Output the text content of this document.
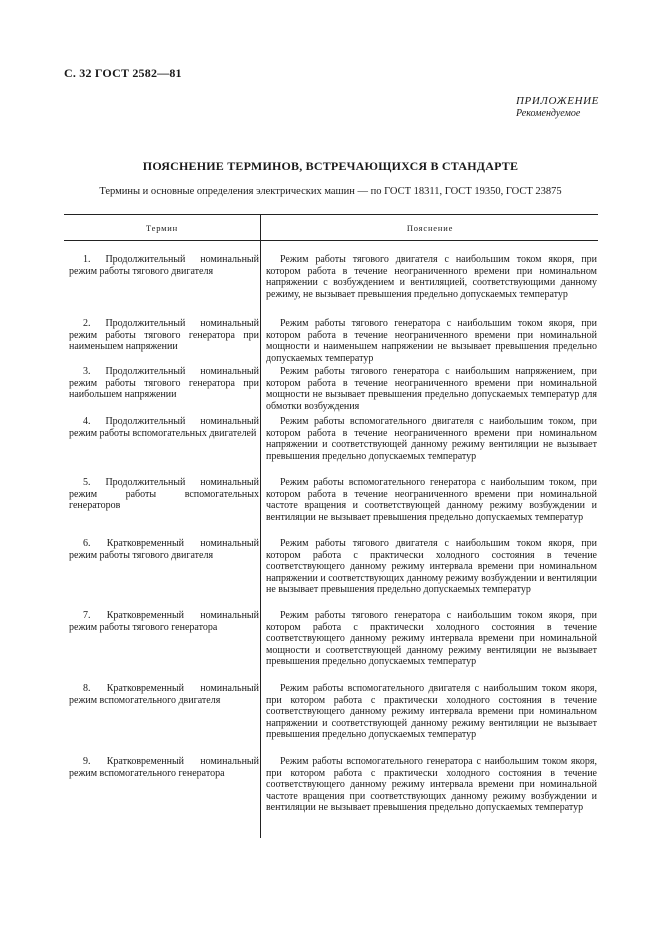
С. 32 ГОСТ 2582—81
ПРИЛОЖЕНИЕ
Рекомендуемое
ПОЯСНЕНИЕ ТЕРМИНОВ, ВСТРЕЧАЮЩИХСЯ В СТАНДАРТЕ
Термины и основные определения электрических машин — по ГОСТ 18311, ГОСТ 19350, ГОСТ 23875
Термин	Пояснение

1. Продолжительный номинальный режим работы тягового двигателя

Режим работы тягового двигателя с наибольшим током якоря, при котором работа в течение неограниченного времени при номинальном напряжении с возбуждением и вентиляцией, соответствующими данному режиму, не вызывает превышения предельно допускаемых температур

2. Продолжительный номинальный режим работы тягового генератора при наименьшем напряжении

Режим работы тягового генератора с наибольшим током якоря, при котором работа в течение неограниченного времени при номинальной мощности и наименьшем напряжении не вызывает превышения предельно допускаемых температур

3. Продолжительный номинальный режим работы тягового генератора при наибольшем напряжении

Режим работы тягового генератора с наибольшим напряжением, при котором работа в течение неограниченного времени при номинальной мощности не вызывает превышения предельно допускаемых температур для обмотки возбуждения

4. Продолжительный номинальный режим работы вспомогательных двигателей

Режим работы вспомогательного двигателя с наибольшим током, при котором работа в течение неограниченного времени при номинальном напряжении и соответствующей данному режиму вентиляции не вызывает превышения предельно допускаемых температур

5. Продолжительный номинальный режим работы вспомогательных генераторов

Режим работы вспомогательного генератора с наибольшим током, при котором работа в течение неограниченного времени при номинальной частоте вращения и соответствующей данному режиму возбуждении и вентиляции не вызывает превышения предельно допускаемых температур

6. Кратковременный номинальный режим работы тягового двигателя

Режим работы тягового двигателя с наибольшим током якоря, при котором работа с практически холодного состояния в течение соответствующего данному режиму интервала времени при номинальном напряжении и соответствующих данному режиму возбуждении и вентиляции не вызывает превышения предельно допускаемых температур

7. Кратковременный номинальный режим работы тягового генератора

Режим работы тягового генератора с наибольшим током якоря, при котором работа с практически холодного состояния в течение соответствующего данному режиму интервала времени при номинальной мощности и соответствующей данному режиму вентиляции не вызывает превышения предельно допускаемых температур

8. Кратковременный номинальный режим вспомогательного двигателя

Режим работы вспомогательного двигателя с наибольшим током якоря, при котором работа с практически холодного состояния в течение соответствующего данному режиму интервала времени при номинальном напряжении и соответствующей данному режиму вентиляции не вызывает превышения предельно допускаемых температур

9. Кратковременный номинальный режим вспомогательного генератора

Режим работы вспомогательного генератора с наибольшим током якоря, при котором работа с практически холодного состояния в течение соответствующего данному режиму интервала времени при номинальной частоте вращения при соответствующих данному режиму возбуждении и вентиляции не вызывает превышения предельно допускаемых температур
